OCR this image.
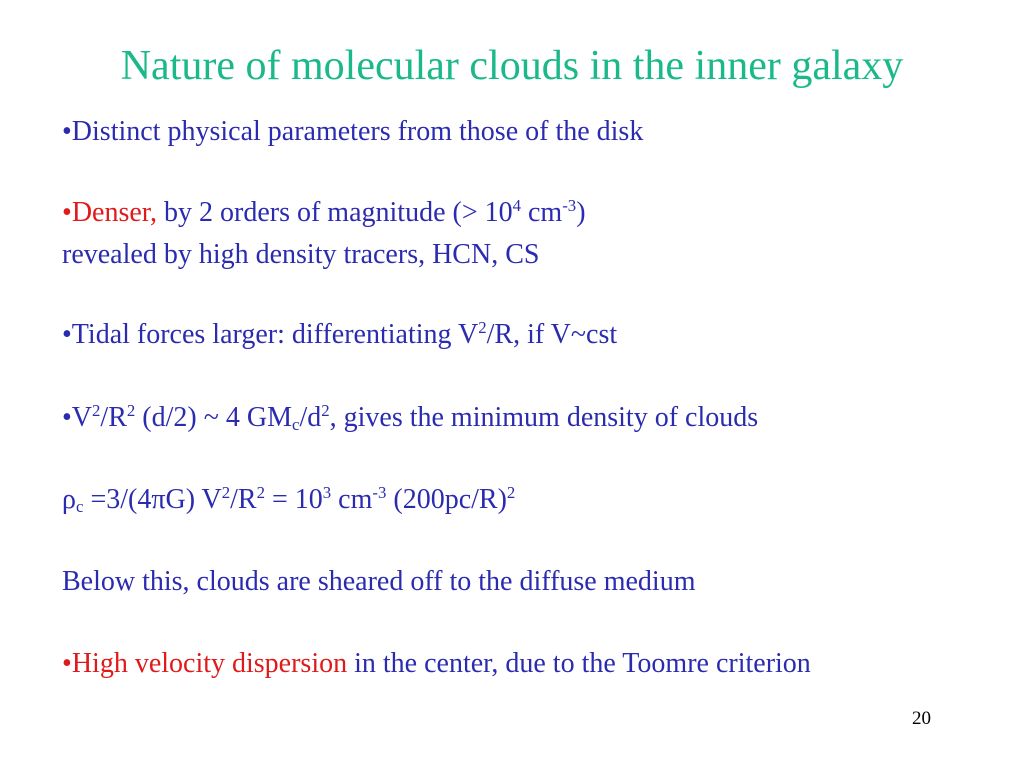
Nature of molecular clouds in the inner galaxy
•Distinct physical parameters from those of the disk
•Denser, by 2 orders of magnitude (> $10^4$ $cm^{-3}$)
revealed by high density tracers, HCN, CS
•Tidal forces larger: differentiating $V^2/R$, if V~cst
$•V^2/R^2$ (d/2) ~ 4 $GM_c/d^2$, gives the minimum density of clouds
$\rho_c =3/(4\pi G) V^2/R^2 = 10^3$ $cm^{-3}$ $(200pc/R)^2$
Below this, clouds are sheared off to the diffuse medium
•High velocity dispersion in the center, due to the Toomre criterion
20
